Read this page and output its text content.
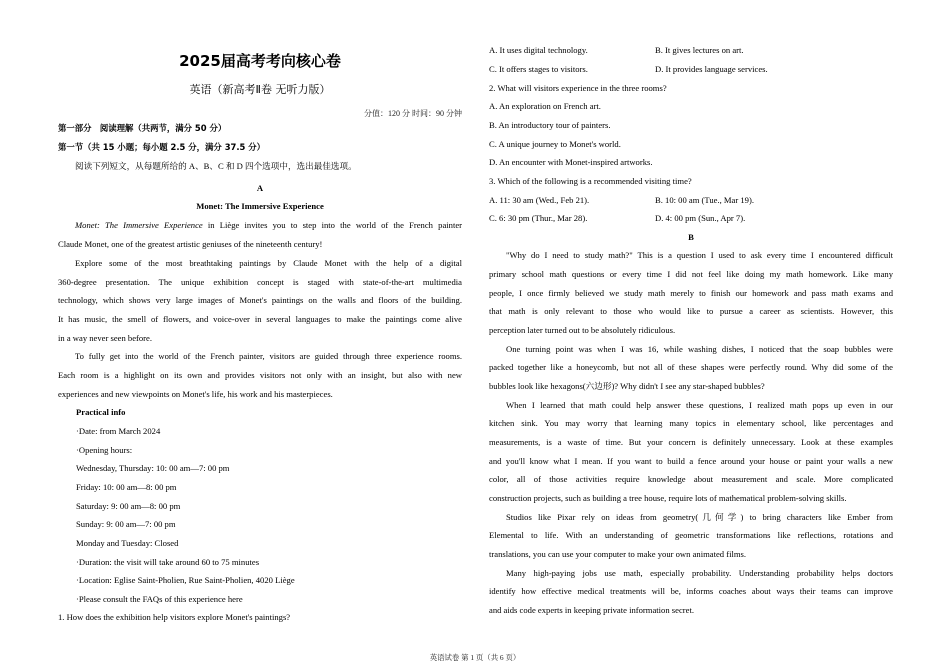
2025届高考考向核心卷
英语（新高考Ⅱ卷 无听力版）
分值：120 分 时间：90 分钟
第一部分　阅读理解（共两节，满分 50 分）
第一节（共 15 小题；每小题 2.5 分，满分 37.5 分）
阅读下列短文，从每题所给的 A、B、C 和 D 四个选项中，选出最佳选项。
A
Monet: The Immersive Experience
Monet: The Immersive Experience in Liège invites you to step into the world of the French painter
Claude Monet, one of the greatest artistic geniuses of the nineteenth century!
Explore some of the most breathtaking paintings by Claude Monet with the help of a digital
360-degree presentation. The unique exhibition concept is staged with state-of-the-art multimedia
technology, which shows very large images of Monet's paintings on the walls and floors of the building.
It has music, the smell of flowers, and voice-over in several languages to make the paintings come alive
in a way never seen before.
To fully get into the world of the French painter, visitors are guided through three experience rooms.
Each room is a highlight on its own and provides visitors not only with an insight, but also with new
experiences and new viewpoints on Monet's life, his work and his masterpieces.
Practical info
·Date: from March 2024
·Opening hours:
Wednesday, Thursday: 10: 00 am—7: 00 pm
Friday: 10: 00 am—8: 00 pm
Saturday: 9: 00 am—8: 00 pm
Sunday: 9: 00 am—7: 00 pm
Monday and Tuesday: Closed
·Duration: the visit will take around 60 to 75 minutes
·Location: Eglise Saint-Pholien, Rue Saint-Pholien, 4020 Liège
·Please consult the FAQs of this experience here
1. How does the exhibition help visitors explore Monet's paintings?
A. It uses digital technology.	B. It gives lectures on art.
C. It offers stages to visitors.	D. It provides language services.
2. What will visitors experience in the three rooms?
A. An exploration on French art.
B. An introductory tour of painters.
C. A unique journey to Monet's world.
D. An encounter with Monet-inspired artworks.
3. Which of the following is a recommended visiting time?
A. 11: 30 am (Wed., Feb 21).	B. 10: 00 am (Tue., Mar 19).
C. 6: 30 pm (Thur., Mar 28).	D. 4: 00 pm (Sun., Apr 7).
B
"Why do I need to study math?" This is a question I used to ask every time I encountered difficult
primary school math questions or every time I did not feel like doing my math homework. Like many
people, I once firmly believed we study math merely to finish our homework and pass math exams and
that math is only relevant to those who would like to pursue a career as scientists. However, this
perception later turned out to be absolutely ridiculous.
One turning point was when I was 16, while washing dishes, I noticed that the soap bubbles were
packed together like a honeycomb, but not all of these shapes were perfectly round. Why did some of the
bubbles look like hexagons(六边形)? Why didn't I see any star-shaped bubbles?
When I learned that math could help answer these questions, I realized math pops up even in our
kitchen sink. You may worry that learning many topics in elementary school, like percentages and
measurements, is a waste of time. But your concern is definitely unnecessary. Look at these examples
and you'll know what I mean. If you want to build a fence around your house or paint your walls a new
color, all of those activities require knowledge about measurement and scale. More complicated
construction projects, such as building a tree house, require lots of mathematical problem-solving skills.
Studios like Pixar rely on ideas from geometry(几何学) to bring characters like Ember from
Elemental to life. With an understanding of geometric transformations like reflections, rotations and
translations, you can use your computer to make your own animated films.
Many high-paying jobs use math, especially probability. Understanding probability helps doctors
identify how effective medical treatments will be, informs coaches about ways their teams can improve
and aids code experts in keeping private information secret.
英语试卷 第 1 页（共 6 页）
